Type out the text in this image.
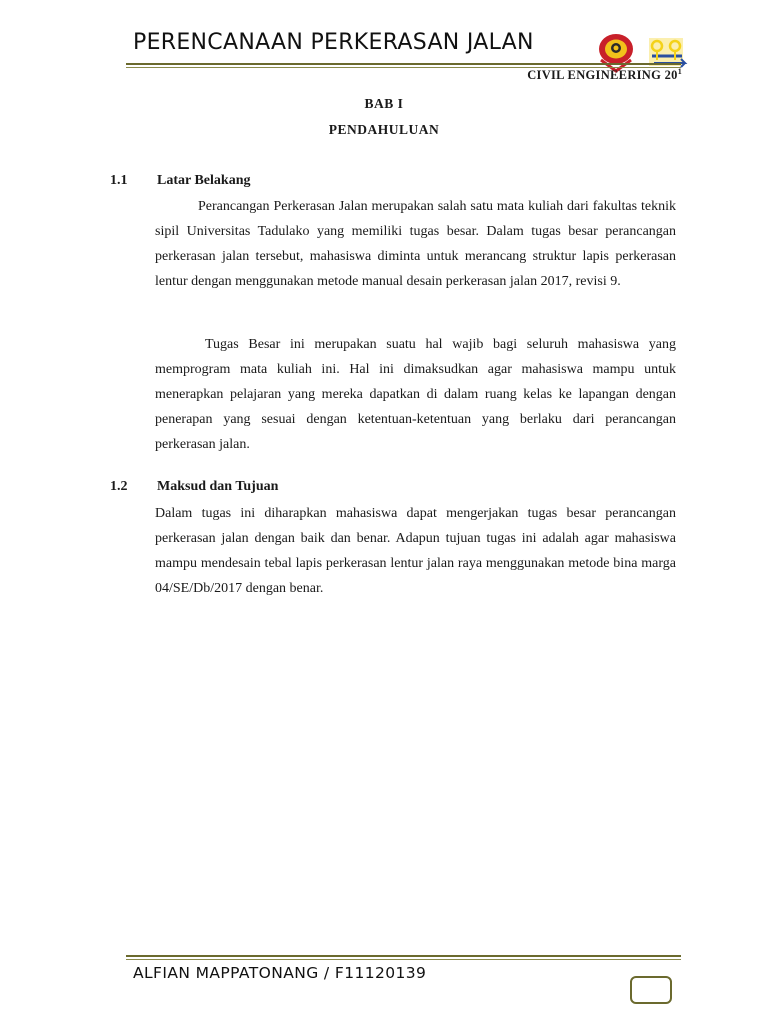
PERENCANAAN PERKERASAN JALAN
CIVIL ENGINEERING $20^1$
BAB I
PENDAHULUAN
1.1 Latar Belakang
Perancangan Perkerasan Jalan merupakan salah satu mata kuliah dari fakultas teknik sipil Universitas Tadulako yang memiliki tugas besar. Dalam tugas besar perancangan perkerasan jalan tersebut, mahasiswa diminta untuk merancang struktur lapis perkerasan lentur dengan menggunakan metode manual desain perkerasan jalan 2017, revisi 9.
Tugas Besar ini merupakan suatu hal wajib bagi seluruh mahasiswa yang memprogram mata kuliah ini. Hal ini dimaksudkan agar mahasiswa mampu untuk menerapkan pelajaran yang mereka dapatkan di dalam ruang kelas ke lapangan dengan penerapan yang sesuai dengan ketentuan-ketentuan yang berlaku dari perancangan perkerasan jalan.
1.2 Maksud dan Tujuan
Dalam tugas ini diharapkan mahasiswa dapat mengerjakan tugas besar perancangan perkerasan jalan dengan baik dan benar. Adapun tujuan tugas ini adalah agar mahasiswa mampu mendesain tebal lapis perkerasan lentur jalan raya menggunakan metode bina marga 04/SE/Db/2017 dengan benar.
ALFIAN MAPPATONANG / F11120139
